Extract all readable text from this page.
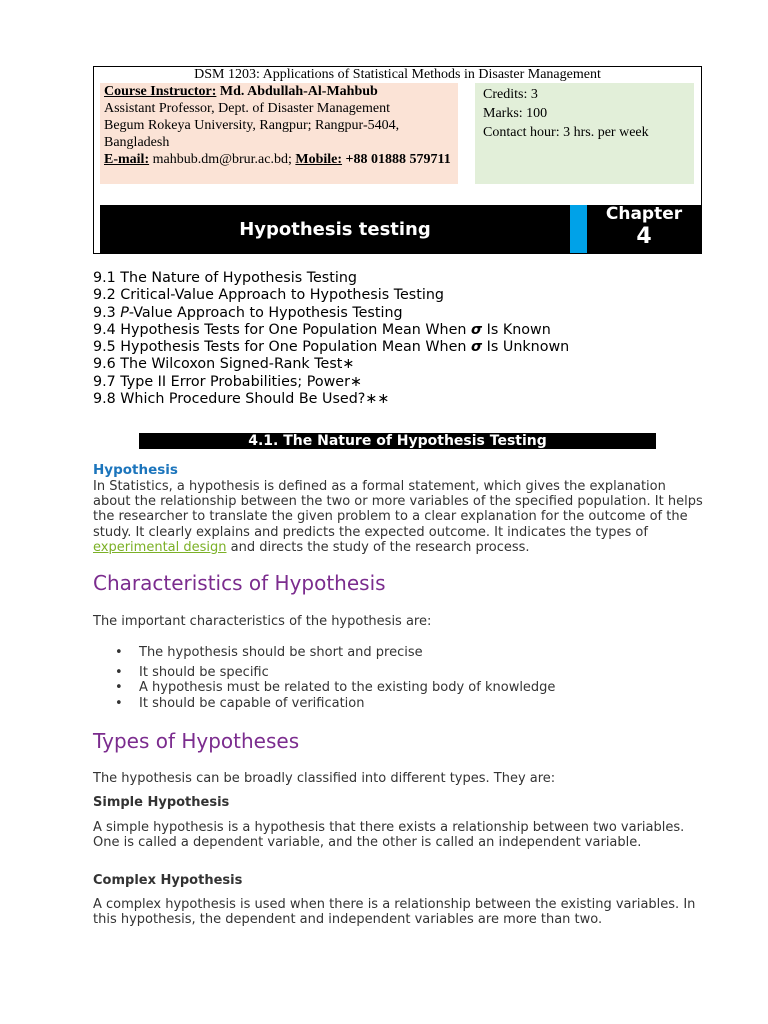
DSM 1203: Applications of Statistical Methods in Disaster Management
Course Instructor: Md. Abdullah-Al-Mahbub
Assistant Professor, Dept. of Disaster Management
Begum Rokeya University, Rangpur; Rangpur-5404, Bangladesh
E-mail: mahbub.dm@brur.ac.bd; Mobile: +88 01888 579711
Credits: 3
Marks: 100
Contact hour: 3 hrs. per week
Hypothesis testing
Chapter
4
9.1 The Nature of Hypothesis Testing
9.2 Critical-Value Approach to Hypothesis Testing
9.3 P-Value Approach to Hypothesis Testing
9.4 Hypothesis Tests for One Population Mean When σ Is Known
9.5 Hypothesis Tests for One Population Mean When σ Is Unknown
9.6 The Wilcoxon Signed-Rank Test∗
9.7 Type II Error Probabilities; Power∗
9.8 Which Procedure Should Be Used?∗∗
4.1. The Nature of Hypothesis Testing
Hypothesis
In Statistics, a hypothesis is defined as a formal statement, which gives the explanation about the relationship between the two or more variables of the specified population. It helps the researcher to translate the given problem to a clear explanation for the outcome of the study. It clearly explains and predicts the expected outcome. It indicates the types of experimental design and directs the study of the research process.
Characteristics of Hypothesis
The important characteristics of the hypothesis are:
• The hypothesis should be short and precise
• It should be specific
• A hypothesis must be related to the existing body of knowledge
• It should be capable of verification
Types of Hypotheses
The hypothesis can be broadly classified into different types. They are:
Simple Hypothesis
A simple hypothesis is a hypothesis that there exists a relationship between two variables. One is called a dependent variable, and the other is called an independent variable.
Complex Hypothesis
A complex hypothesis is used when there is a relationship between the existing variables. In this hypothesis, the dependent and independent variables are more than two.
